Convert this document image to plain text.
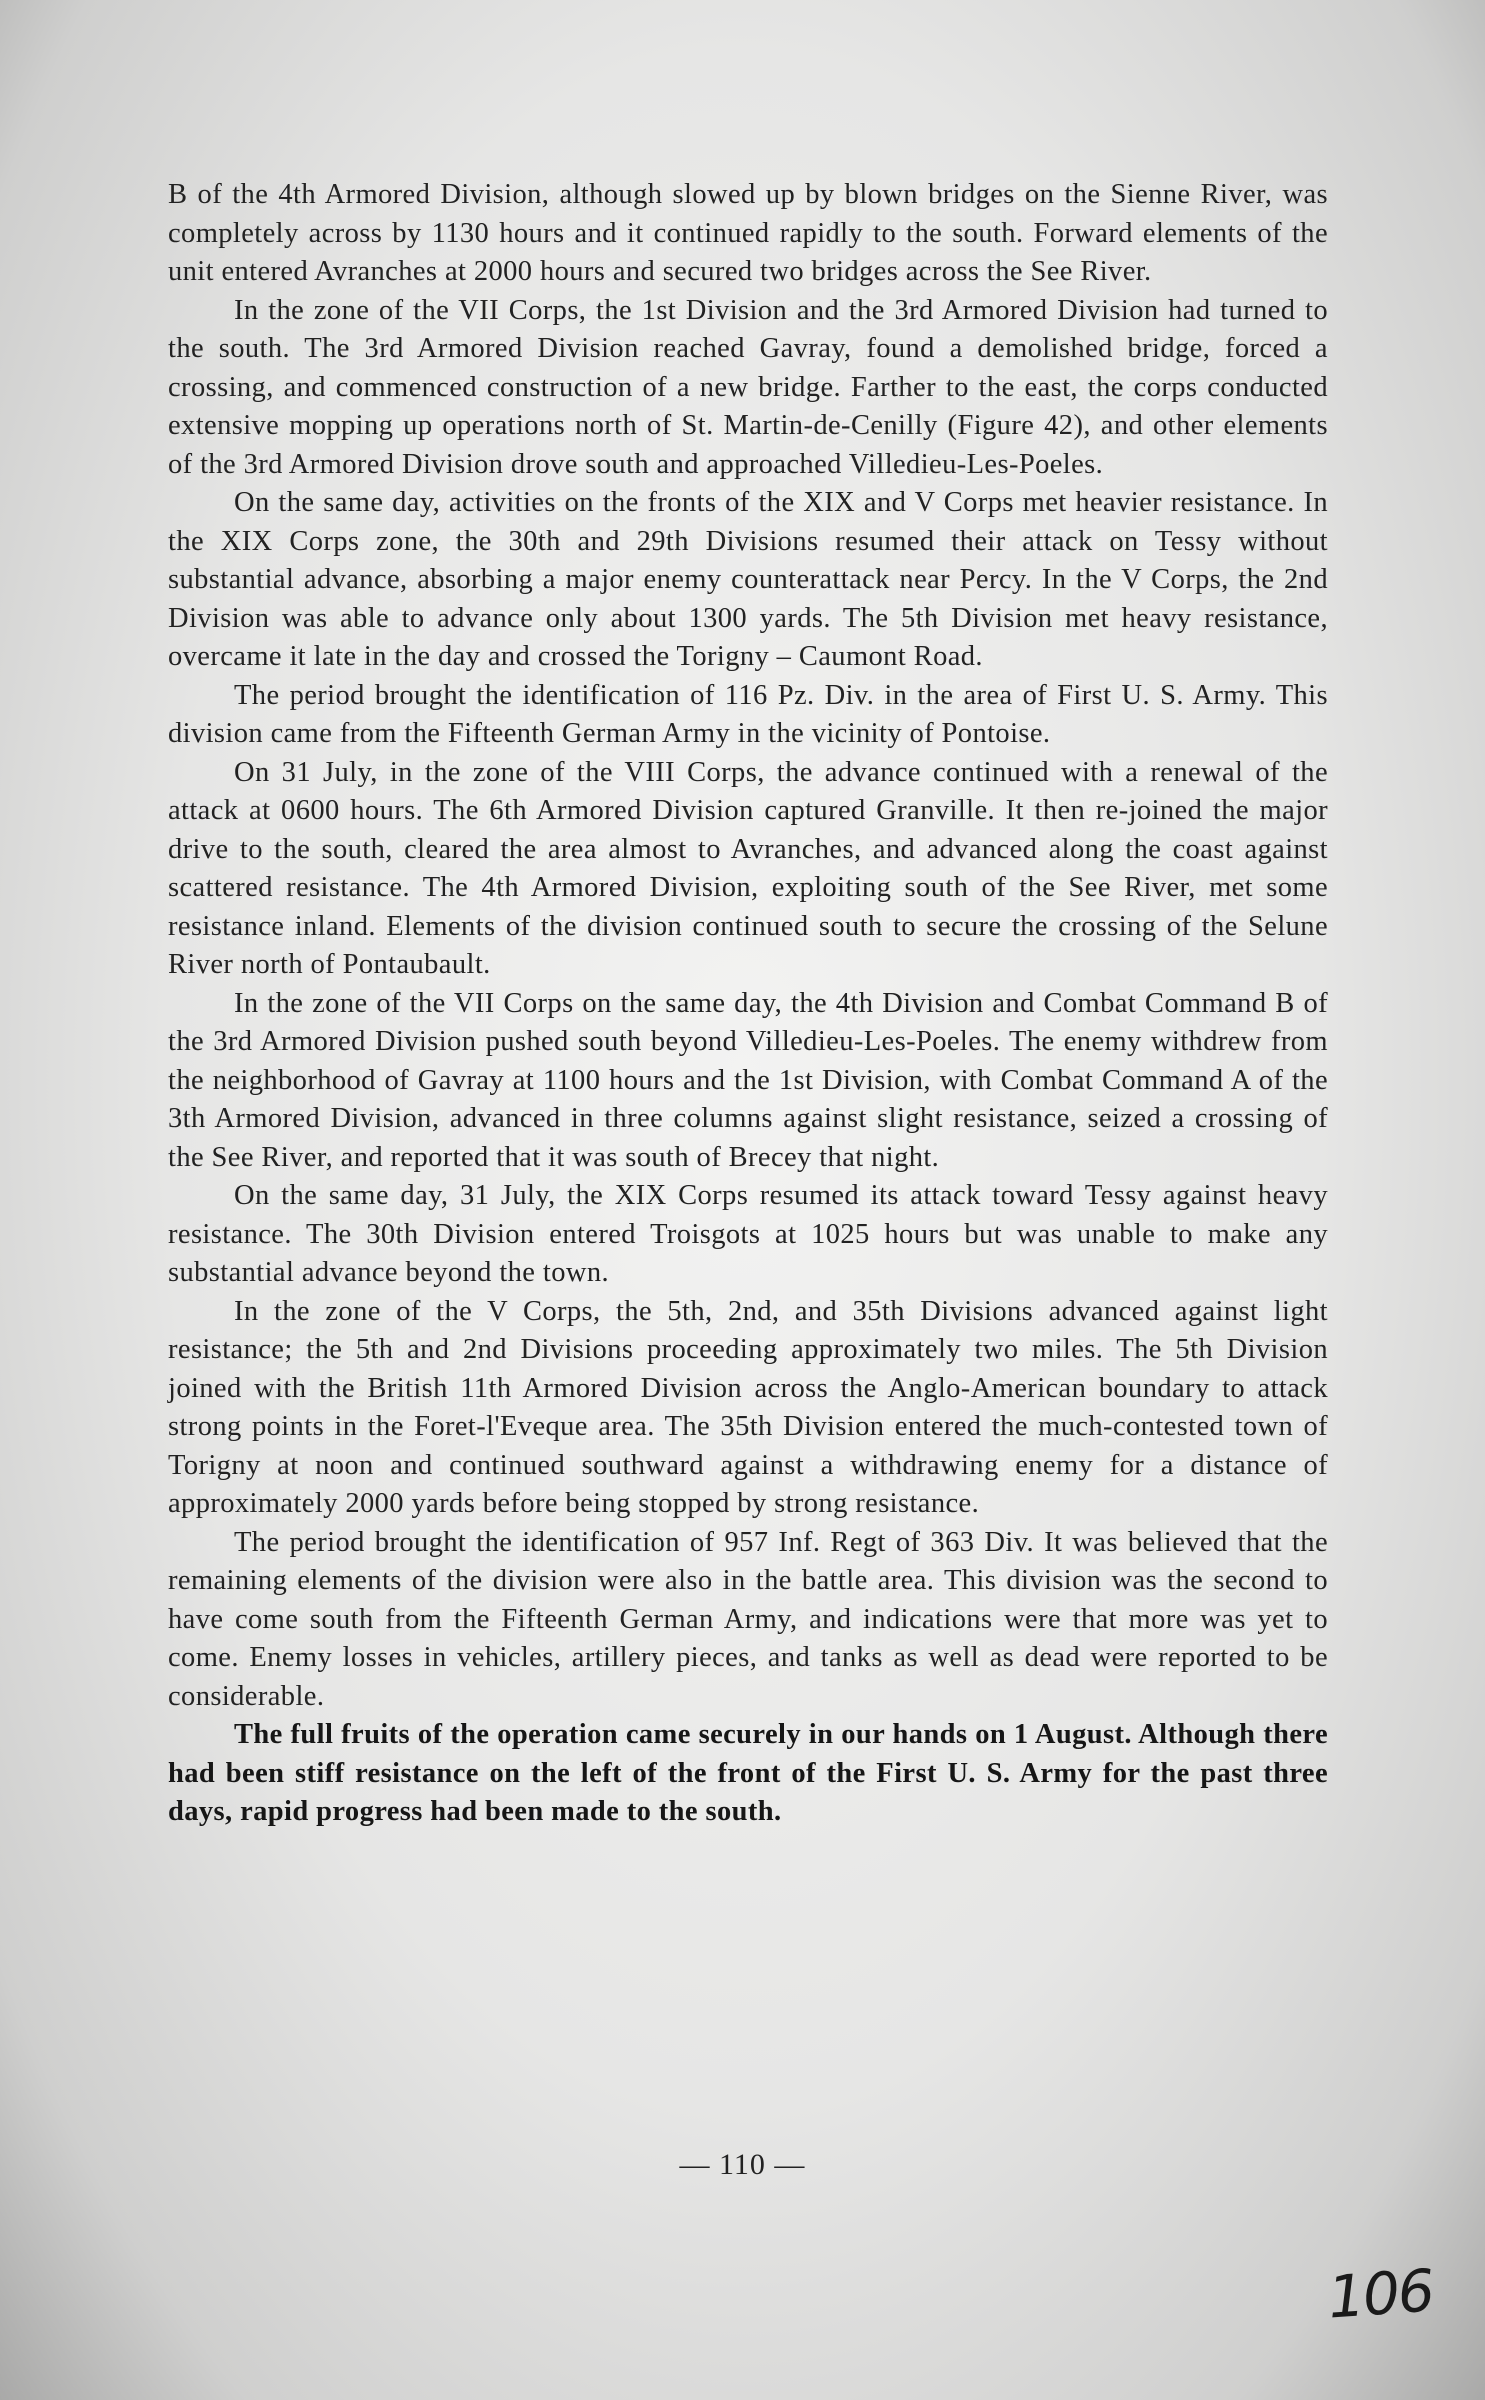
B of the 4th Armored Division, although slowed up by blown bridges on the Sienne River, was completely across by 1130 hours and it continued rapidly to the south. Forward elements of the unit entered Avranches at 2000 hours and secured two bridges across the See River.

In the zone of the VII Corps, the 1st Division and the 3rd Armored Division had turned to the south. The 3rd Armored Division reached Gavray, found a demolished bridge, forced a crossing, and commenced construction of a new bridge. Farther to the east, the corps conducted extensive mopping up operations north of St. Martin-de-Cenilly (Figure 42), and other elements of the 3rd Armored Division drove south and approached Villedieu-Les-Poeles.

On the same day, activities on the fronts of the XIX and V Corps met heavier resistance. In the XIX Corps zone, the 30th and 29th Divisions resumed their attack on Tessy without substantial advance, absorbing a major enemy counterattack near Percy. In the V Corps, the 2nd Division was able to advance only about 1300 yards. The 5th Division met heavy resistance, overcame it late in the day and crossed the Torigny – Caumont Road.

The period brought the identification of 116 Pz. Div. in the area of First U. S. Army. This division came from the Fifteenth German Army in the vicinity of Pontoise.

On 31 July, in the zone of the VIII Corps, the advance continued with a renewal of the attack at 0600 hours. The 6th Armored Division captured Granville. It then re-joined the major drive to the south, cleared the area almost to Avranches, and advanced along the coast against scattered resistance. The 4th Armored Division, exploiting south of the See River, met some resistance inland. Elements of the division continued south to secure the crossing of the Selune River north of Pontaubault.

In the zone of the VII Corps on the same day, the 4th Division and Combat Command B of the 3rd Armored Division pushed south beyond Villedieu-Les-Poeles. The enemy withdrew from the neighborhood of Gavray at 1100 hours and the 1st Division, with Combat Command A of the 3th Armored Division, advanced in three columns against slight resistance, seized a crossing of the See River, and reported that it was south of Brecey that night.

On the same day, 31 July, the XIX Corps resumed its attack toward Tessy against heavy resistance. The 30th Division entered Troisgots at 1025 hours but was unable to make any substantial advance beyond the town.

In the zone of the V Corps, the 5th, 2nd, and 35th Divisions advanced against light resistance; the 5th and 2nd Divisions proceeding approximately two miles. The 5th Division joined with the British 11th Armored Division across the Anglo-American boundary to attack strong points in the Foret-l'Eveque area. The 35th Division entered the much-contested town of Torigny at noon and continued southward against a withdrawing enemy for a distance of approximately 2000 yards before being stopped by strong resistance.

The period brought the identification of 957 Inf. Regt of 363 Div. It was believed that the remaining elements of the division were also in the battle area. This division was the second to have come south from the Fifteenth German Army, and indications were that more was yet to come. Enemy losses in vehicles, artillery pieces, and tanks as well as dead were reported to be considerable.

The full fruits of the operation came securely in our hands on 1 August. Although there had been stiff resistance on the left of the front of the First U. S. Army for the past three days, rapid progress had been made to the south.

— 110 —
106
